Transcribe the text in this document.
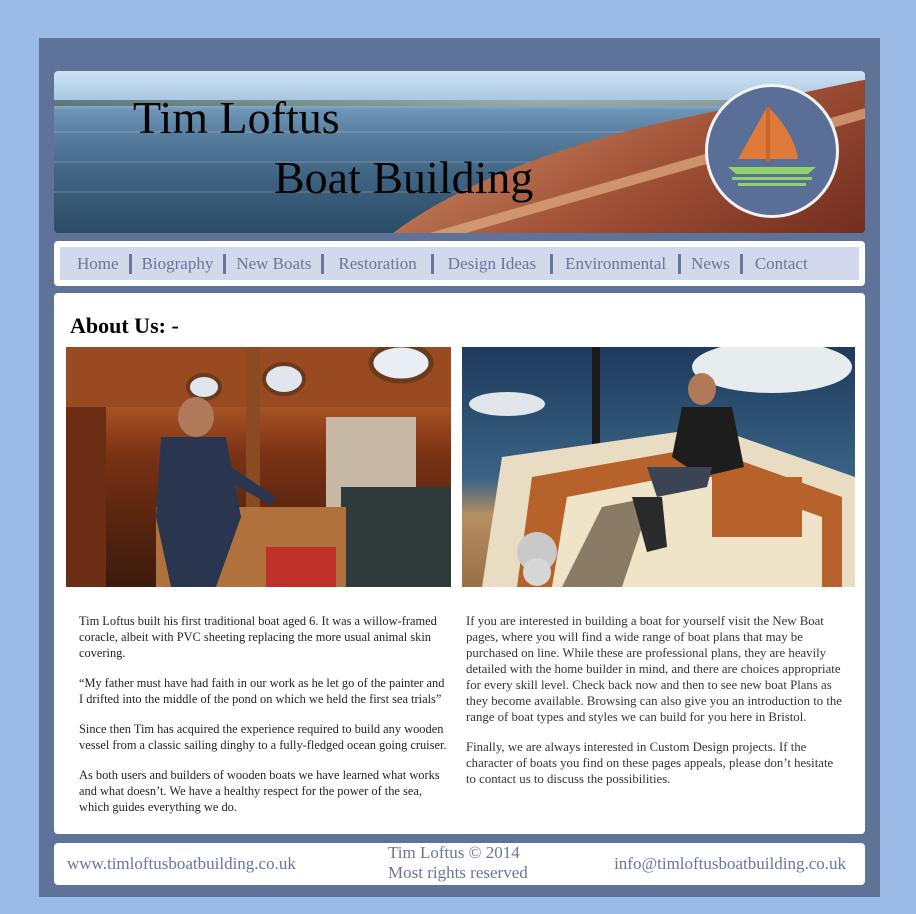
Tim Loftus
Boat Building
Home	Biography	New Boats	Restoration	Design Ideas	Environmental	News	Contact
About Us: -

Tim Loftus built his first traditional boat aged 6. It was a willow-framed coracle, albeit with PVC sheeting replacing the more usual animal skin covering.

“My father must have had faith in our work as he let go of the painter and I drifted into the middle of the pond on which we held the first sea trials”

Since then Tim has acquired the experience required to build any wooden vessel from a classic sailing dinghy to a fully-fledged ocean going cruiser.

As both users and builders of wooden boats we have learned what works and what doesn’t. We have a healthy respect for the power of the sea, which guides everything we do.

If you are interested in building a boat for yourself visit the New Boat pages, where you will find a wide range of boat plans that may be purchased on line. While these are professional plans, they are heavily detailed with the home builder in mind, and there are choices appropriate for every skill level. Check back now and then to see new boat Plans as they become available. Browsing can also give you an introduction to the range of boat types and styles we can build for you here in Bristol.

Finally, we are always interested in Custom Design projects. If the character of boats you find on these pages appeals, please don’t hesitate to contact us to discuss the possibilities.

www.timloftusboatbuilding.co.uk
Tim Loftus © 2014
Most rights reserved	info@timloftusboatbuilding.co.uk
